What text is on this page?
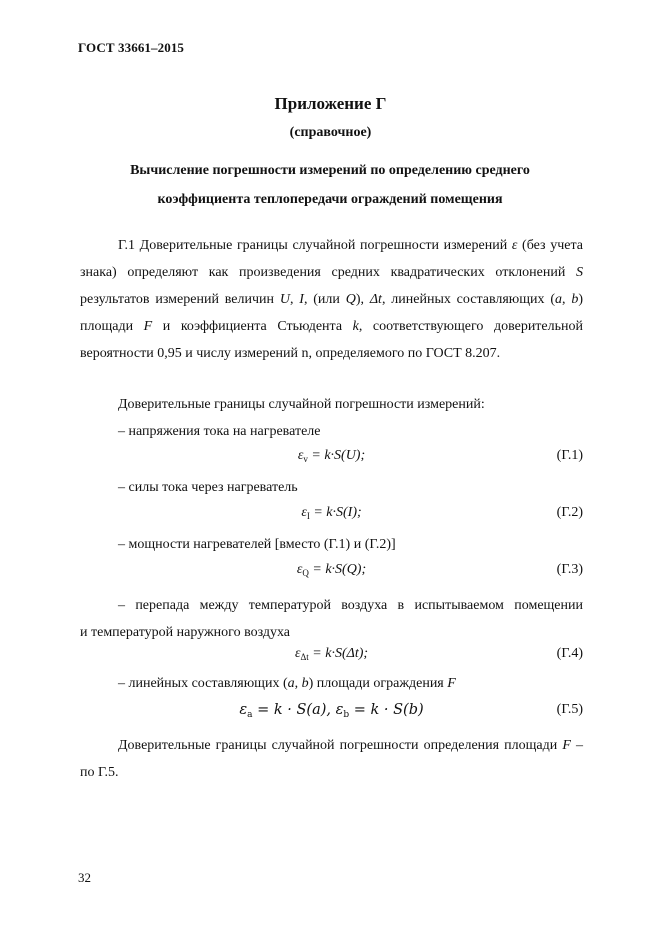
ГОСТ 33661–2015
Приложение Г
(справочное)
Вычисление погрешности измерений по определению среднего
коэффициента теплопередачи ограждений помещения
Г.1 Доверительные границы случайной погрешности измерений ε (без учета знака) определяют как произведения средних квадратических отклонений S результатов измерений величин U, I, (или Q), Δt, линейных составляющих (a, b) площади F и коэффициента Стьюдента k, соответствующего доверительной вероятности 0,95 и числу измерений n, определяемого по ГОСТ 8.207.
Доверительные границы случайной погрешности измерений:
– напряжения тока на нагревателе
$\varepsilon_v = k\cdot S(U)$;	(Г.1)
– силы тока через нагреватель
$\varepsilon_I = k\cdot S(I)$;	(Г.2)
– мощности нагревателей [вместо (Г.1) и (Г.2)]
$\varepsilon_Q = k\cdot S(Q)$;	(Г.3)
– перепада между температурой воздуха в испытываемом помещении
и температурой наружного воздуха
$\varepsilon_{\Delta t} = k\cdot S(\Delta t)$;	(Г.4)
– линейных составляющих (a, b) площади ограждения F
$\varepsilon_a = k \cdot S(a)$, $\varepsilon_b = k \cdot S(b)$	(Г.5)
Доверительные границы случайной погрешности определения площади F – по Г.5.
32
